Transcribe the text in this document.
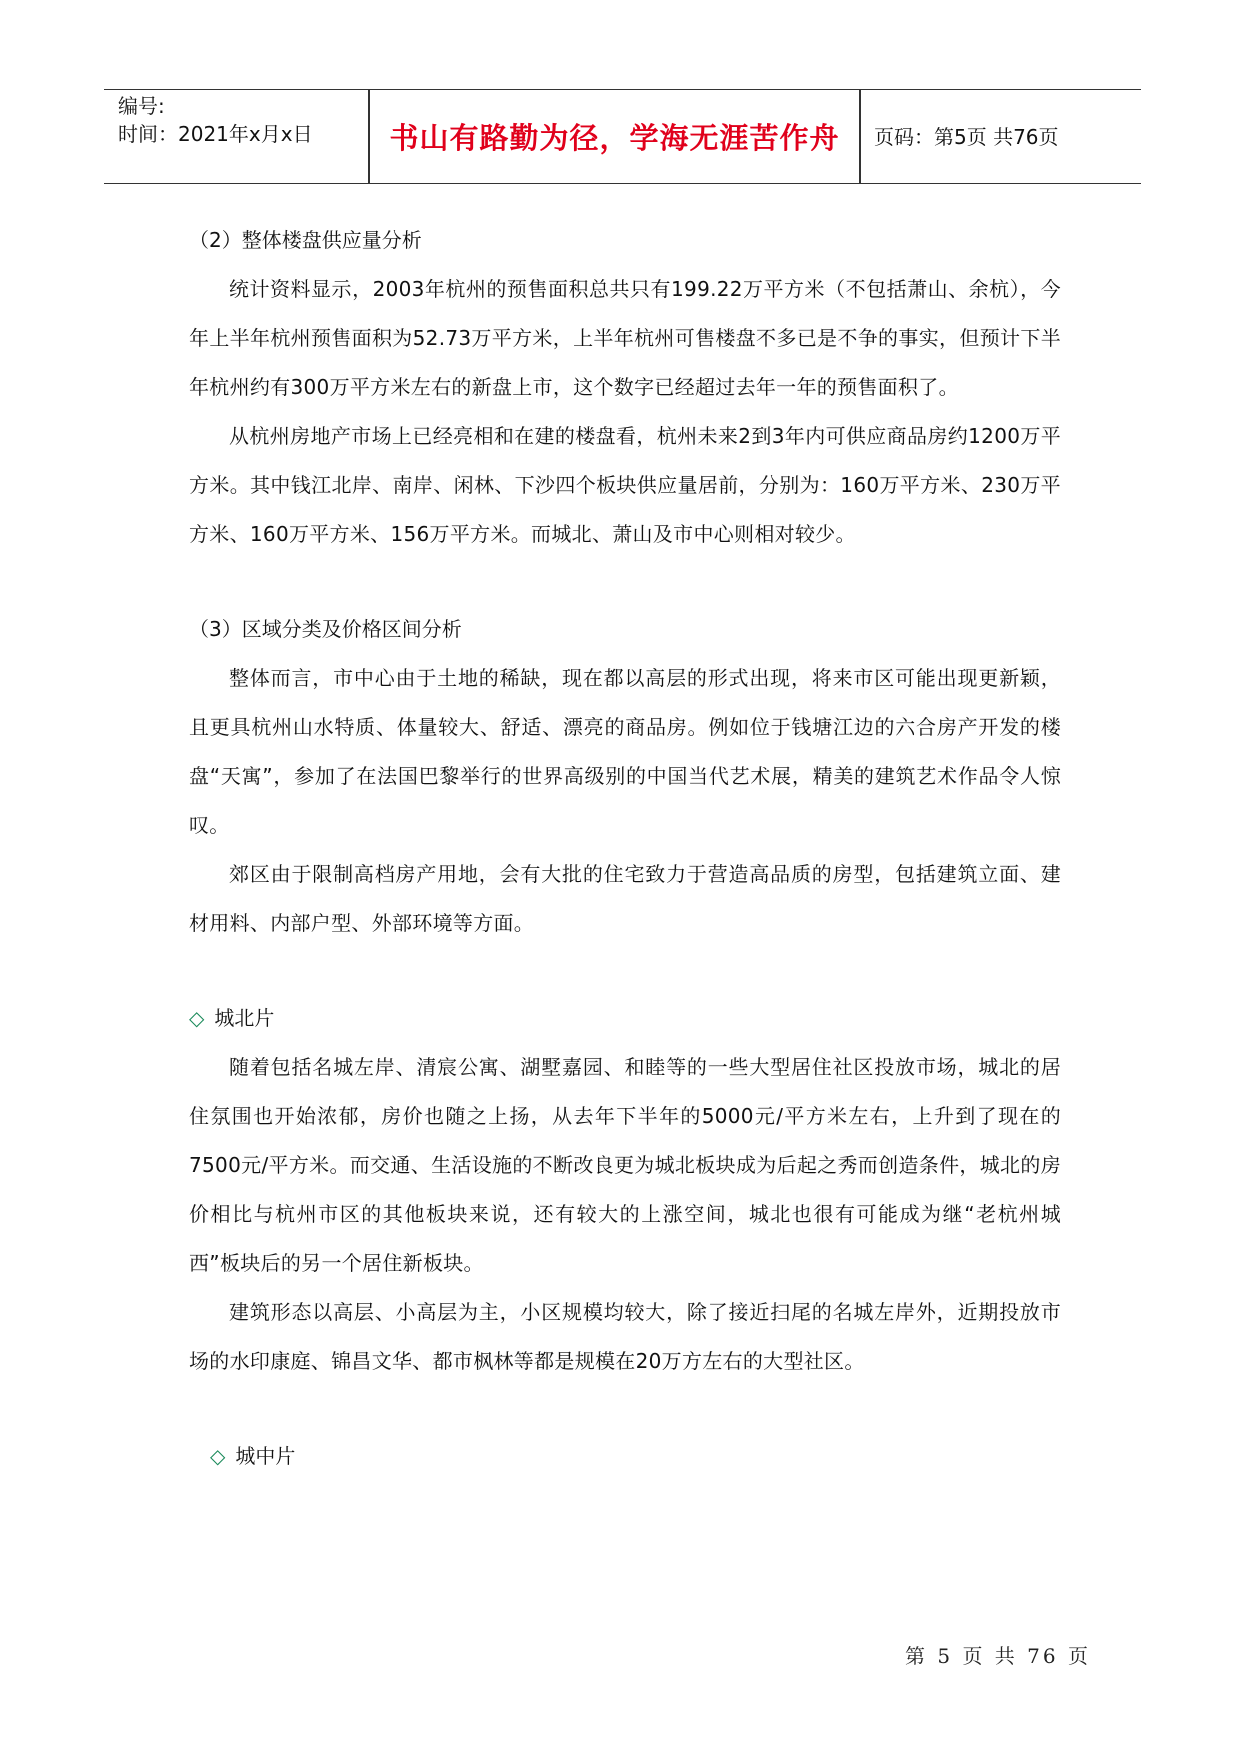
编号:
时间：2021年x月x日	书山有路勤为径，学海无涯苦作舟	页码：第5页 共76页

（2）整体楼盘供应量分析

统计资料显示，2003年杭州的预售面积总共只有199.22万平方米（不包括萧山、余杭），今年上半年杭州预售面积为52.73万平方米，上半年杭州可售楼盘不多已是不争的事实，但预计下半年杭州约有300万平方米左右的新盘上市，这个数字已经超过去年一年的预售面积了。

从杭州房地产市场上已经亮相和在建的楼盘看，杭州未来2到3年内可供应商品房约1200万平方米。其中钱江北岸、南岸、闲林、下沙四个板块供应量居前，分别为：160万平方米、230万平方米、160万平方米、156万平方米。而城北、萧山及市中心则相对较少。

（3）区域分类及价格区间分析

整体而言，市中心由于土地的稀缺，现在都以高层的形式出现，将来市区可能出现更新颖，且更具杭州山水特质、体量较大、舒适、漂亮的商品房。例如位于钱塘江边的六合房产开发的楼盘“天寓”，参加了在法国巴黎举行的世界高级别的中国当代艺术展，精美的建筑艺术作品令人惊叹。

郊区由于限制高档房产用地，会有大批的住宅致力于营造高品质的房型，包括建筑立面、建材用料、内部户型、外部环境等方面。

◇ 城北片

随着包括名城左岸、清宸公寓、湖墅嘉园、和睦等的一些大型居住社区投放市场，城北的居住氛围也开始浓郁，房价也随之上扬，从去年下半年的5000元/平方米左右，上升到了现在的7500元/平方米。而交通、生活设施的不断改良更为城北板块成为后起之秀而创造条件，城北的房价相比与杭州市区的其他板块来说，还有较大的上涨空间，城北也很有可能成为继“老杭州城西”板块后的另一个居住新板块。

建筑形态以高层、小高层为主，小区规模均较大，除了接近扫尾的名城左岸外，近期投放市场的水印康庭、锦昌文华、都市枫林等都是规模在20万方左右的大型社区。

◇ 城中片

第 5 页 共 76 页
